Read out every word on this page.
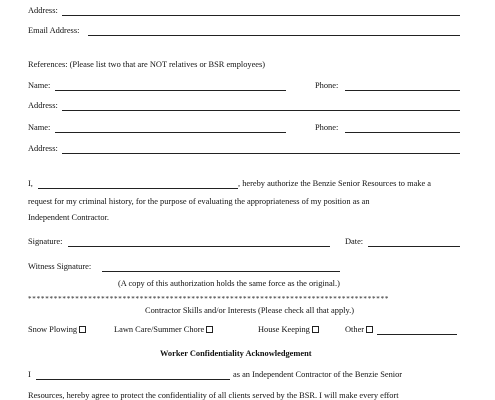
Address:
Email Address:
References: (Please list two that are NOT relatives or BSR employees)
Name:	Phone:
Address:
Name:	Phone:
Address:
I,	, hereby authorize the Benzie Senior Resources to make a
request for my criminal history, for the purpose of evaluating the appropriateness of my position as an
Independent Contractor.
Signature:	Date:
Witness Signature:
(A copy of this authorization holds the same force as the original.)
************************************************************************************
Contractor Skills and/or Interests (Please check all that apply.)
Snow Plowing	Lawn Care/Summer Chore	House Keeping	Other
Worker Confidentiality Acknowledgement
I	as an Independent Contractor of the Benzie Senior
Resources, hereby agree to protect the confidentiality of all clients served by the BSR. I will make every effort
